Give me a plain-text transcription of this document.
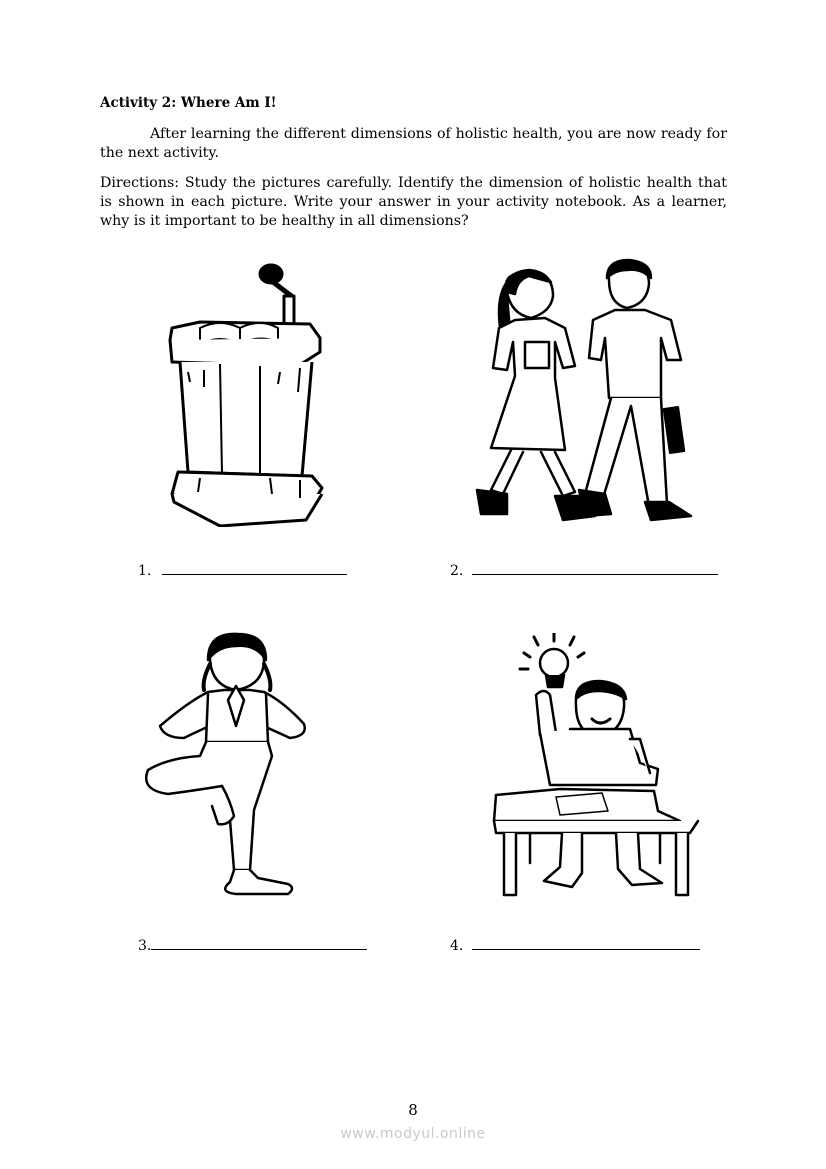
Activity 2: Where Am I!

After learning the different dimensions of holistic health, you are now ready for the next activity.

Directions: Study the pictures carefully. Identify the dimension of holistic health that is shown in each picture. Write your answer in your activity notebook. As a learner, why is it important to be healthy in all dimensions?

1.	2.
3.	4.
8
www.modyul.online
